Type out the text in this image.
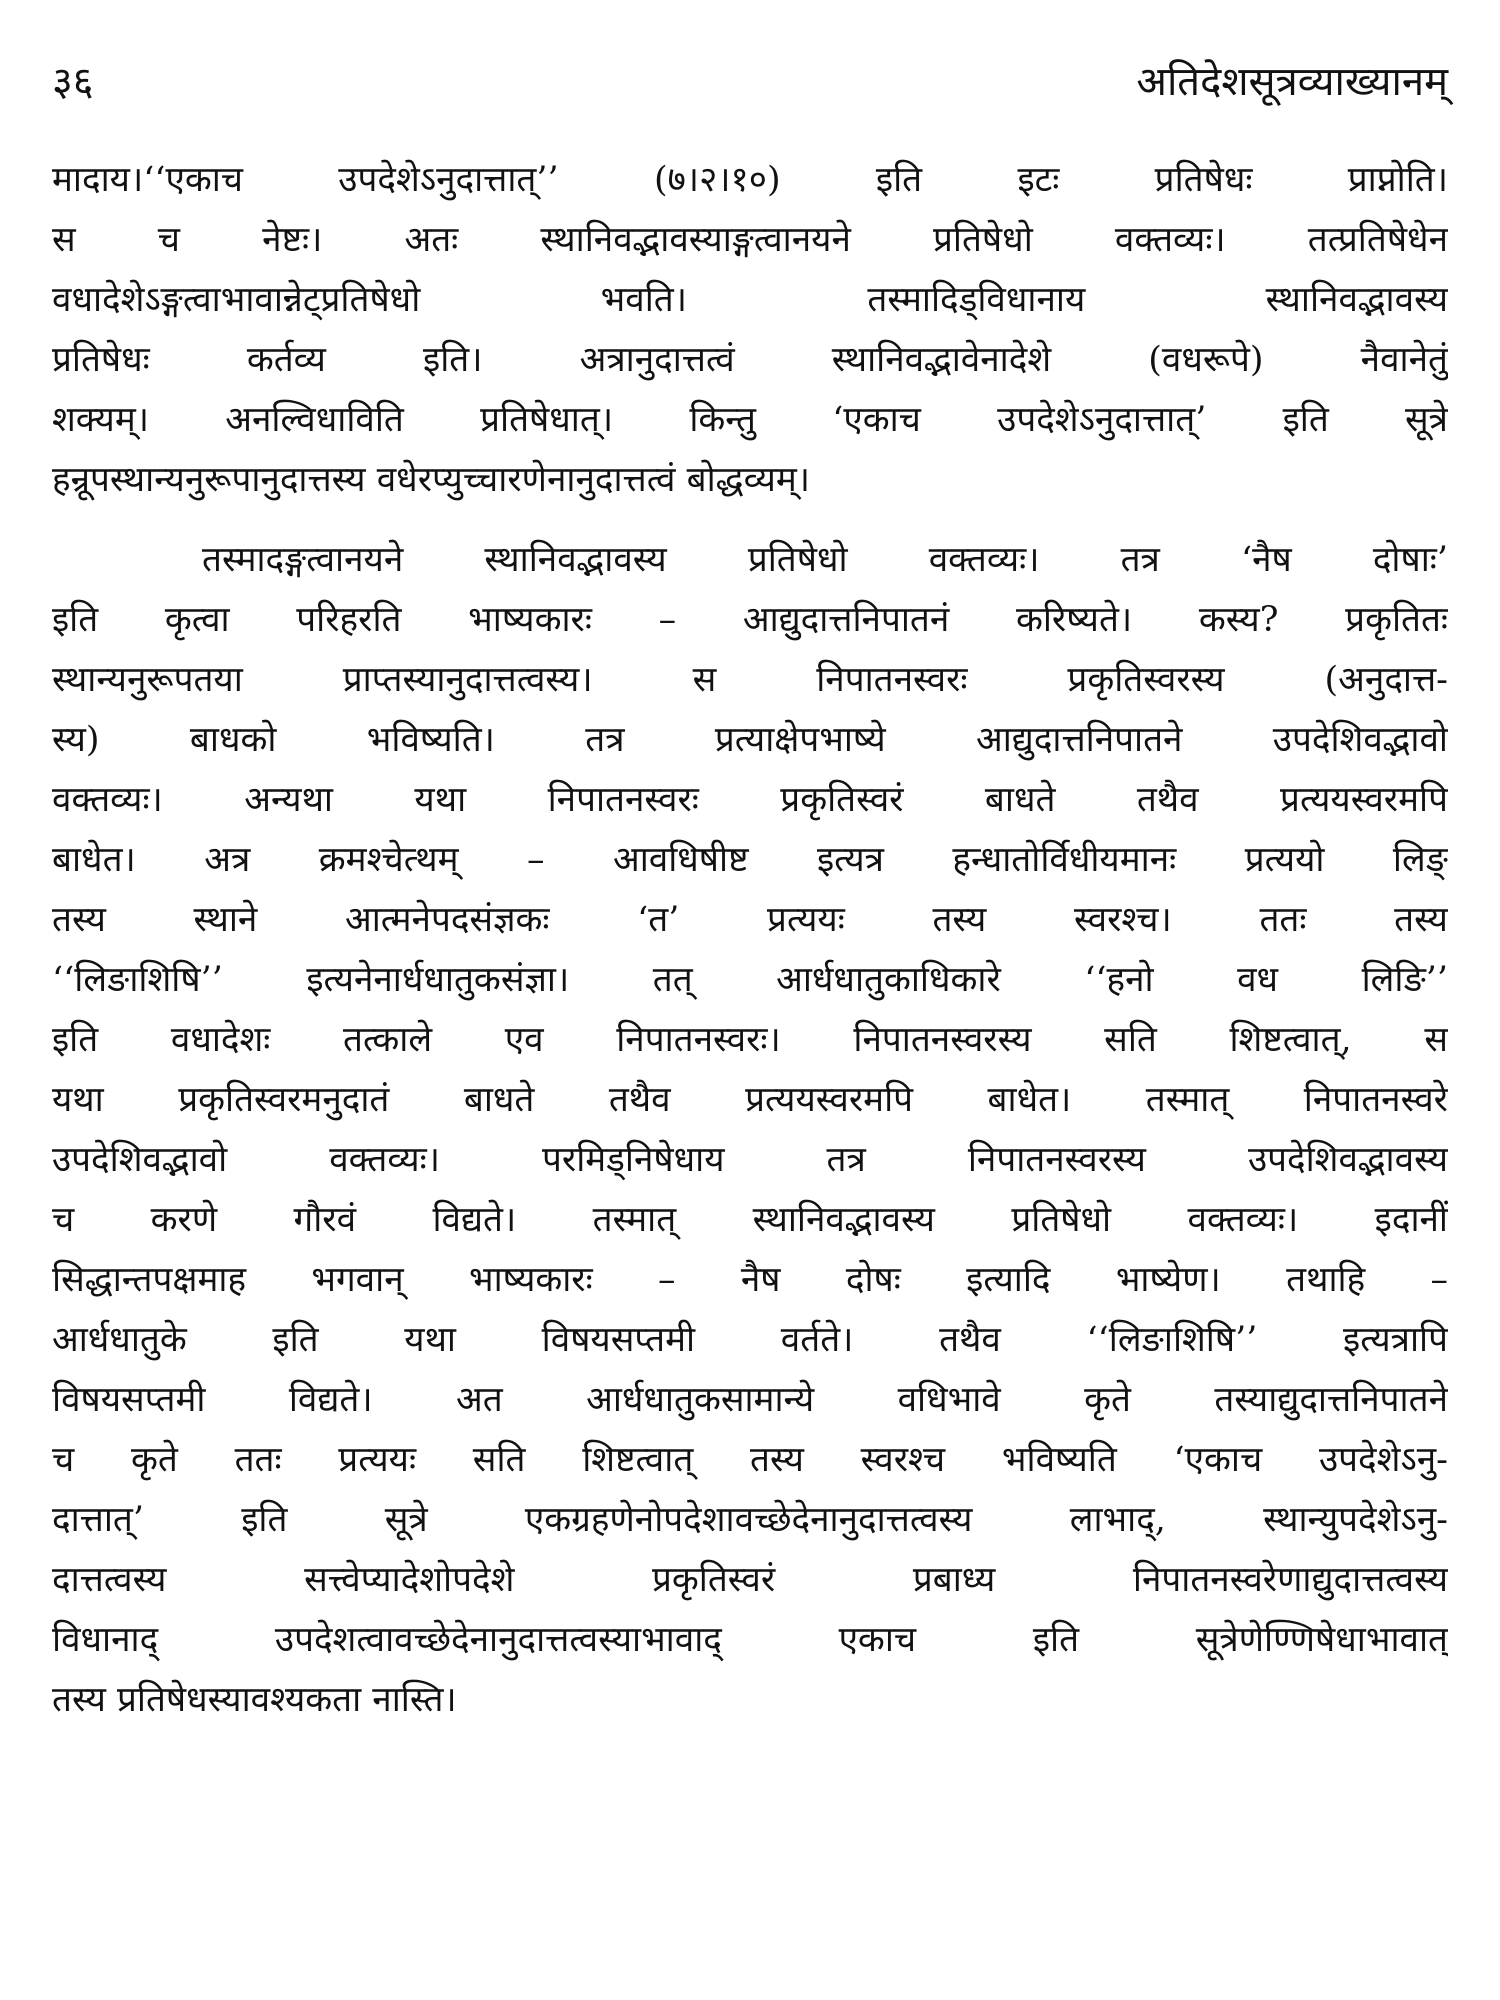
३६	अतिदेशसूत्रव्याख्यानम्
मादाय।‘‘एकाच उपदेशेऽनुदात्तात्’’ (७।२।१०) इति इटः प्रतिषेधः प्राप्नोति।
स च नेष्टः। अतः स्थानिवद्भावस्याङ्गत्वानयने प्रतिषेधो वक्तव्यः। तत्प्रतिषेधेन
वधादेशेऽङ्गत्वाभावान्नेट्प्रतिषेधो भवति। तस्मादिड्विधानाय स्थानिवद्भावस्य
प्रतिषेधः कर्तव्य इति। अत्रानुदात्तत्वं स्थानिवद्भावेनादेशे (वधरूपे) नैवानेतुं
शक्यम्। अनल्विधाविति प्रतिषेधात्। किन्तु ‘एकाच उपदेशेऽनुदात्तात्’ इति सूत्रे
हन्रूपस्थान्यनुरूपानुदात्तस्य वधेरप्युच्चारणेनानुदात्तत्वं बोद्धव्यम्।
तस्मादङ्गत्वानयने स्थानिवद्भावस्य प्रतिषेधो वक्तव्यः। तत्र ‘नैष दोषाः’
इति कृत्वा परिहरति भाष्यकारः – आद्युदात्तनिपातनं करिष्यते। कस्य? प्रकृतितः
स्थान्यनुरूपतया प्राप्तस्यानुदात्तत्वस्य। स निपातनस्वरः प्रकृतिस्वरस्य (अनुदात्त-
स्य) बाधको भविष्यति। तत्र प्रत्याक्षेपभाष्ये आद्युदात्तनिपातने उपदेशिवद्भावो
वक्तव्यः। अन्यथा यथा निपातनस्वरः प्रकृतिस्वरं बाधते तथैव प्रत्ययस्वरमपि
बाधेत। अत्र क्रमश्चेत्थम् – आवधिषीष्ट इत्यत्र हन्धातोर्विधीयमानः प्रत्ययो लिङ्
तस्य स्थाने आत्मनेपदसंज्ञकः ‘त’ प्रत्ययः तस्य स्वरश्च। ततः तस्य
‘‘लिङाशिषि’’ इत्यनेनार्धधातुकसंज्ञा। तत् आर्धधातुकाधिकारे ‘‘हनो वध लिङि’’
इति वधादेशः तत्काले एव निपातनस्वरः। निपातनस्वरस्य सति शिष्टत्वात्, स
यथा प्रकृतिस्वरमनुदातं बाधते तथैव प्रत्ययस्वरमपि बाधेत। तस्मात् निपातनस्वरे
उपदेशिवद्भावो वक्तव्यः। परमिड्निषेधाय तत्र निपातनस्वरस्य उपदेशिवद्भावस्य
च करणे गौरवं विद्यते। तस्मात् स्थानिवद्भावस्य प्रतिषेधो वक्तव्यः। इदानीं
सिद्धान्तपक्षमाह भगवान् भाष्यकारः – नैष दोषः इत्यादि भाष्येण। तथाहि –
आर्धधातुके इति यथा विषयसप्तमी वर्तते। तथैव ‘‘लिङाशिषि’’ इत्यत्रापि
विषयसप्तमी विद्यते। अत आर्धधातुकसामान्ये वधिभावे कृते तस्याद्युदात्तनिपातने
च कृते ततः प्रत्ययः सति शिष्टत्वात् तस्य स्वरश्च भविष्यति ‘एकाच उपदेशेऽनु-
दात्तात्’ इति सूत्रे एकग्रहणेनोपदेशावच्छेदेनानुदात्तत्वस्य लाभाद्, स्थान्युपदेशेऽनु-
दात्तत्वस्य सत्त्वेप्यादेशोपदेशे प्रकृतिस्वरं प्रबाध्य निपातनस्वरेणाद्युदात्तत्वस्य
विधानाद् उपदेशत्वावच्छेदेनानुदात्तत्वस्याभावाद् एकाच इति सूत्रेणेण्णिषेधाभावात्
तस्य प्रतिषेधस्यावश्यकता नास्ति।
